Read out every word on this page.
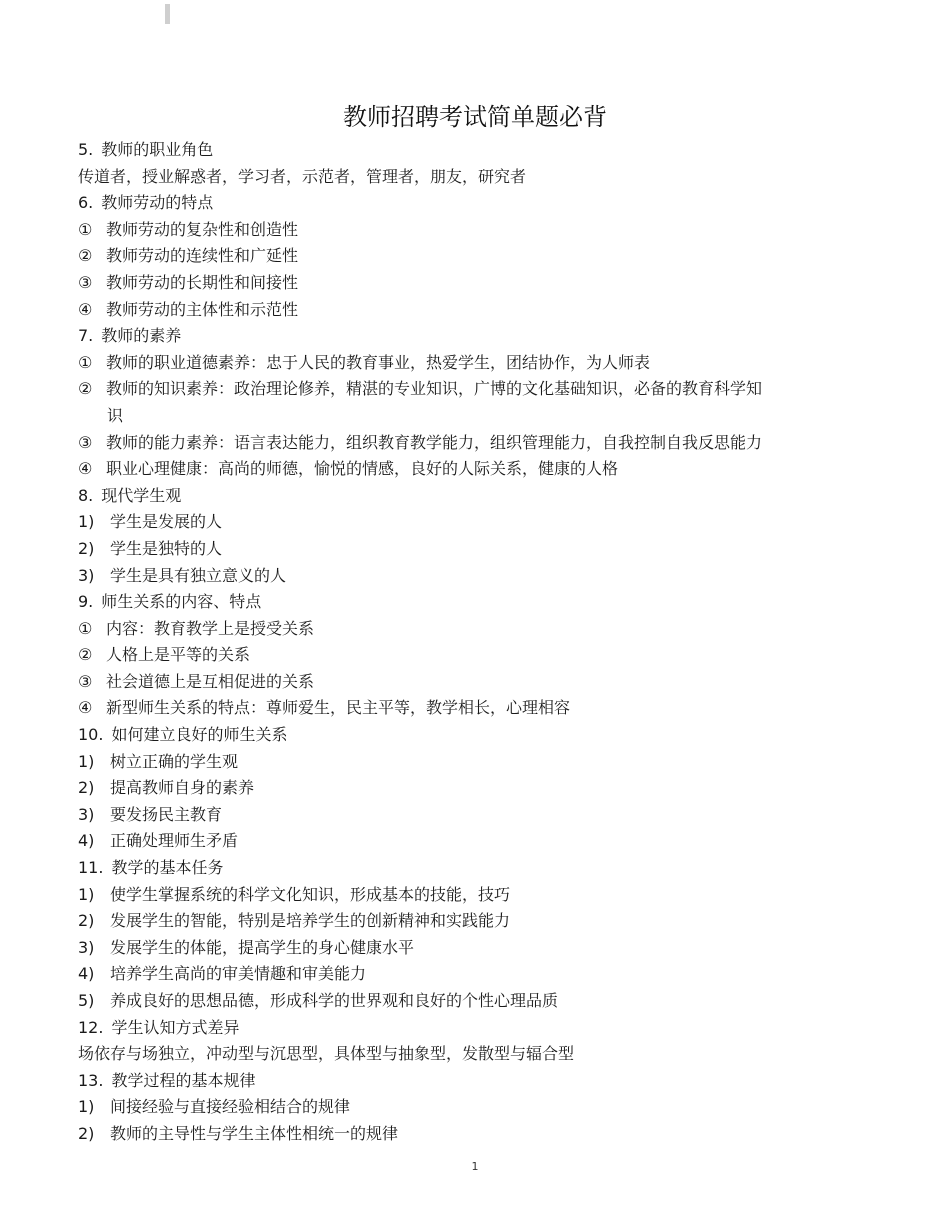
教师招聘考试简单题必背
5. 教师的职业角色
传道者，授业解惑者，学习者，示范者，管理者，朋友，研究者
6. 教师劳动的特点
① 教师劳动的复杂性和创造性
② 教师劳动的连续性和广延性
③ 教师劳动的长期性和间接性
④ 教师劳动的主体性和示范性
7. 教师的素养
① 教师的职业道德素养：忠于人民的教育事业，热爱学生，团结协作，为人师表
② 教师的知识素养：政治理论修养，精湛的专业知识，广博的文化基础知识，必备的教育科学知
识
③ 教师的能力素养：语言表达能力，组织教育教学能力，组织管理能力，自我控制自我反思能力
④ 职业心理健康：高尚的师德，愉悦的情感，良好的人际关系，健康的人格
8. 现代学生观
1) 学生是发展的人
2) 学生是独特的人
3) 学生是具有独立意义的人
9. 师生关系的内容、特点
① 内容：教育教学上是授受关系
② 人格上是平等的关系
③ 社会道德上是互相促进的关系
④ 新型师生关系的特点：尊师爱生，民主平等，教学相长，心理相容
10. 如何建立良好的师生关系
1) 树立正确的学生观
2) 提高教师自身的素养
3) 要发扬民主教育
4) 正确处理师生矛盾
11. 教学的基本任务
1) 使学生掌握系统的科学文化知识，形成基本的技能，技巧
2) 发展学生的智能，特别是培养学生的创新精神和实践能力
3) 发展学生的体能，提高学生的身心健康水平
4) 培养学生高尚的审美情趣和审美能力
5) 养成良好的思想品德，形成科学的世界观和良好的个性心理品质
12. 学生认知方式差异
场依存与场独立，冲动型与沉思型，具体型与抽象型，发散型与辐合型
13. 教学过程的基本规律
1) 间接经验与直接经验相结合的规律
2) 教师的主导性与学生主体性相统一的规律
1
